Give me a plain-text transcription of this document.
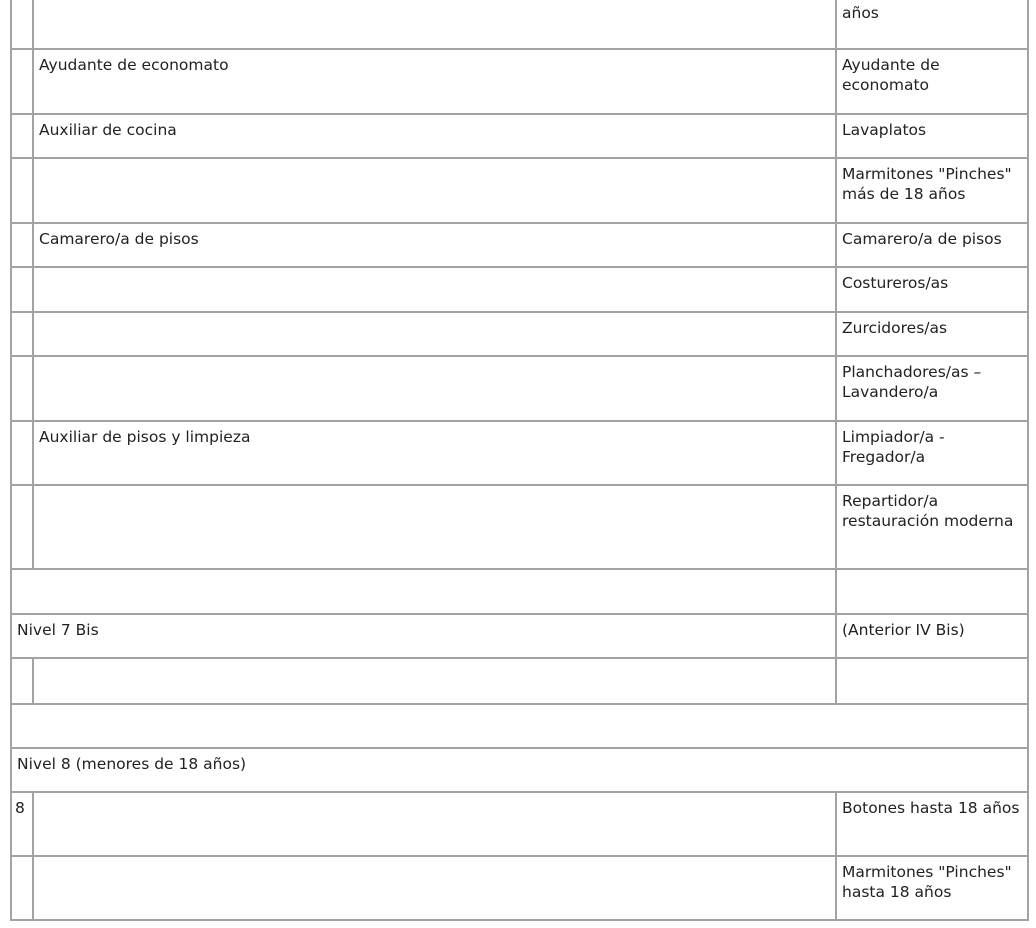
		años
	Ayudante de economato	Ayudante de economato
	Auxiliar de cocina	Lavaplatos
		Marmitones "Pinches" más de 18 años
	Camarero/a de pisos	Camarero/a de pisos
		Costureros/as
		Zurcidores/as
		Planchadores/as – Lavandero/a
	Auxiliar de pisos y limpieza	Limpiador/a - Fregador/a
		Repartidor/a restauración moderna

Nivel 7 Bis		(Anterior IV Bis)

Nivel 8 (menores de 18 años)		
8		Botones hasta 18 años
		Marmitones "Pinches" hasta 18 años
